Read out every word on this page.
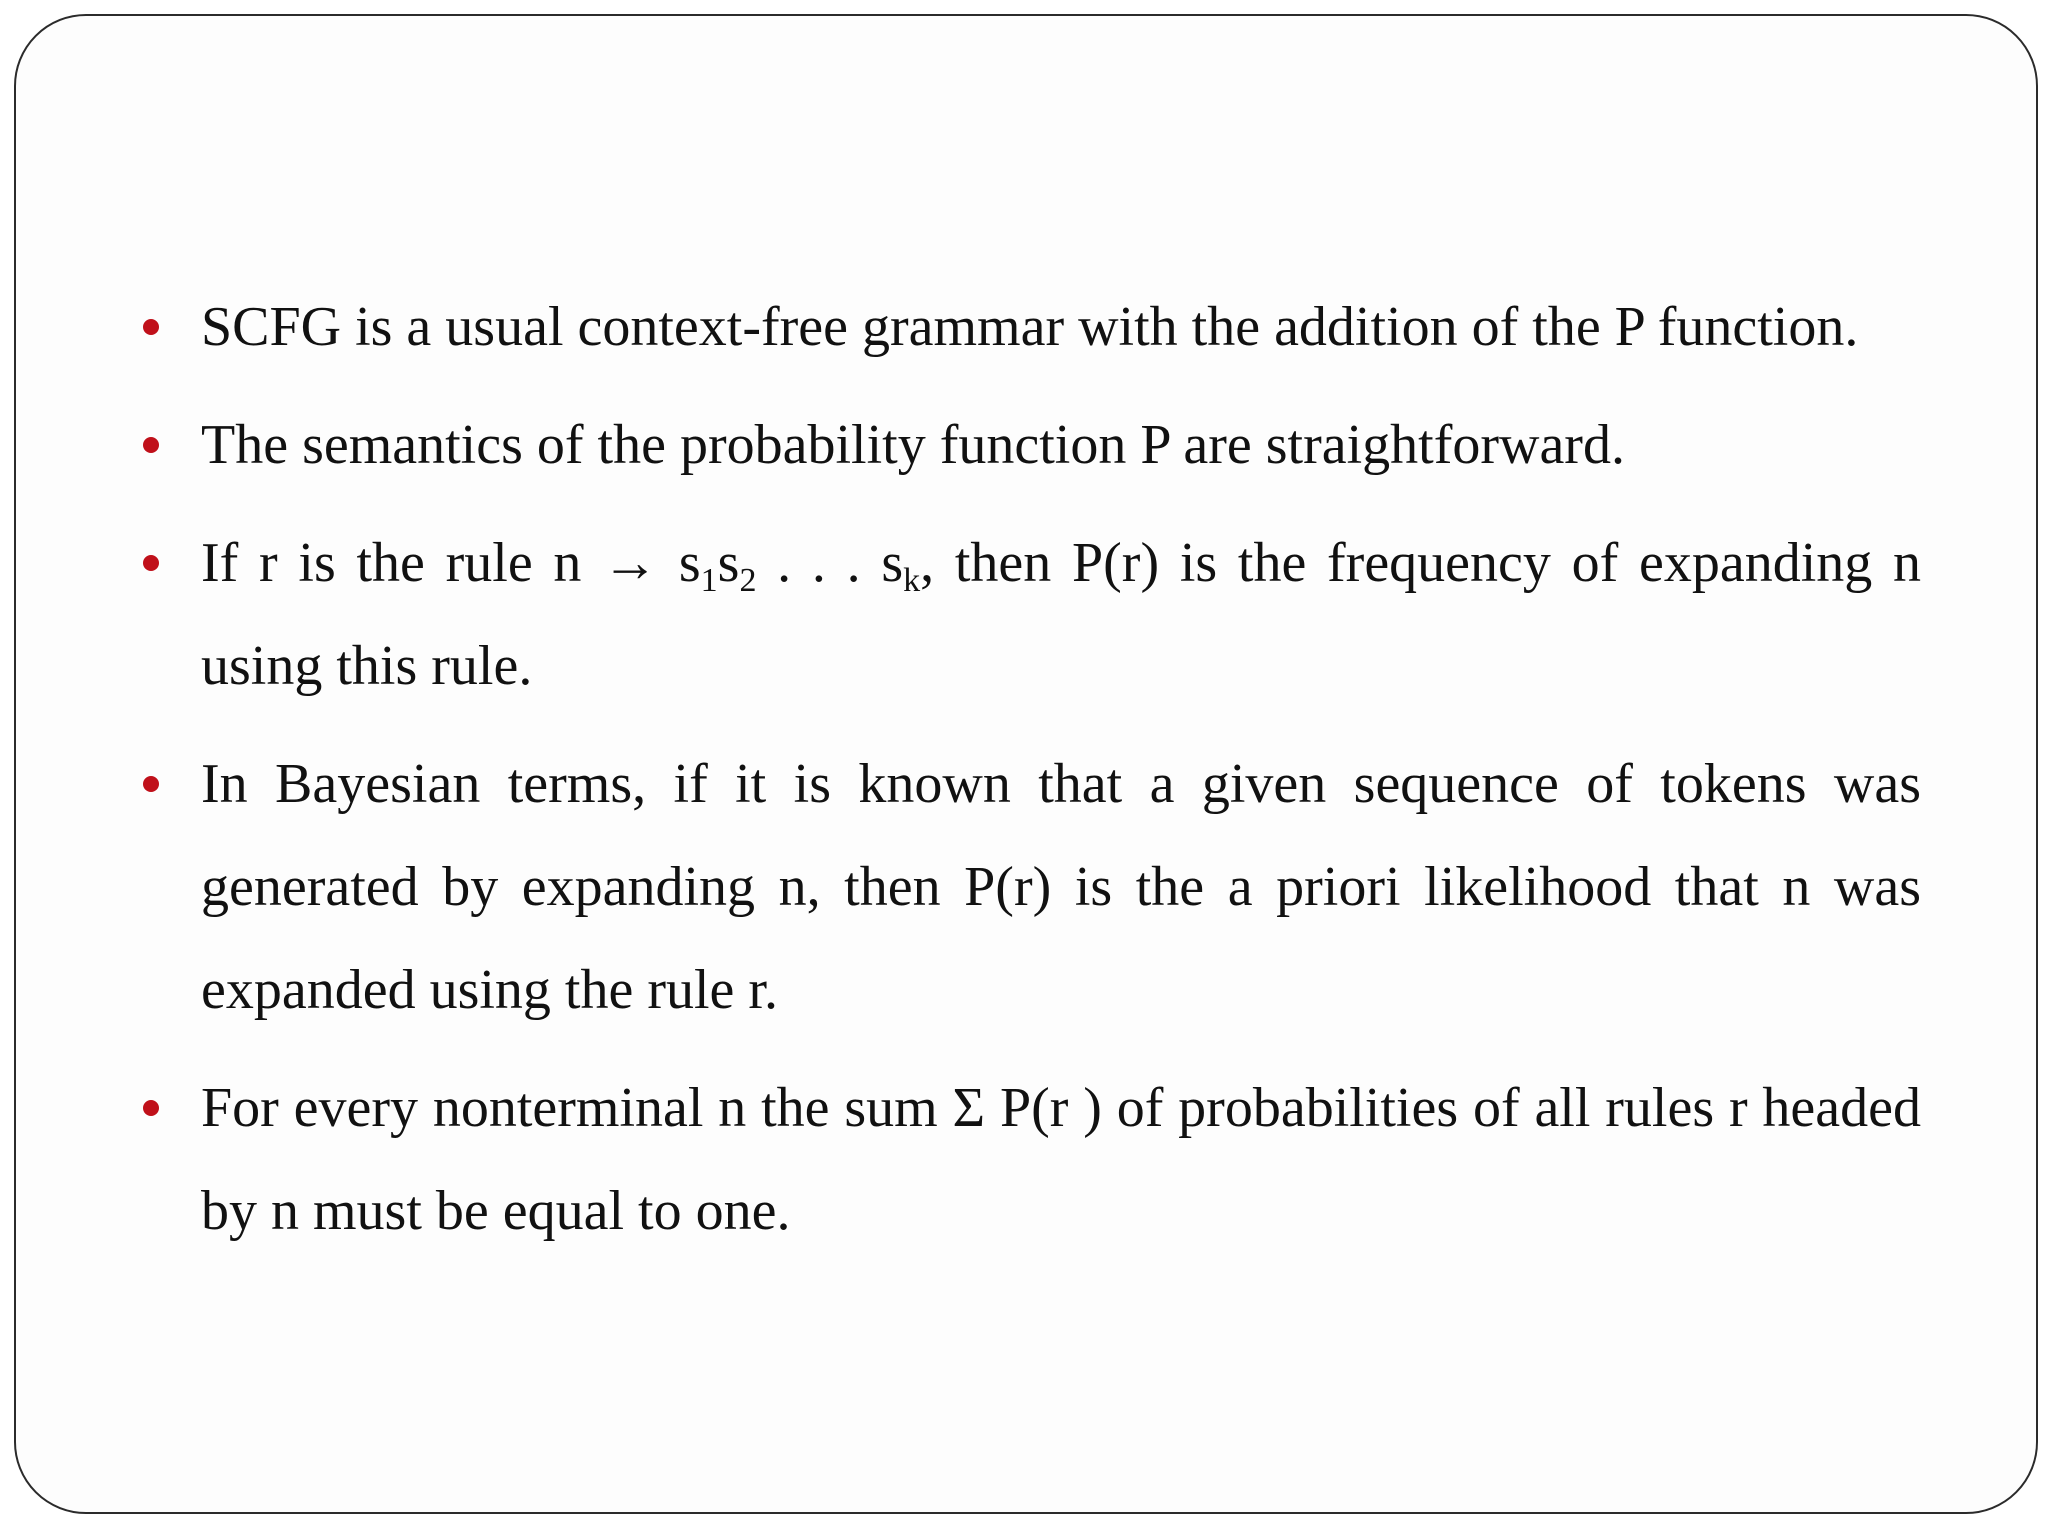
SCFG is a usual context-free grammar with the addition of the P function.
The semantics of the probability function P are straightforward.
If r is the rule $n \to s_1s_2$ . . . $s_k$, then P(r) is the frequency of expanding n using this rule.
In Bayesian terms, if it is known that a given sequence of tokens was generated by expanding n, then P(r) is the a priori likelihood that n was expanded using the rule r.
For every nonterminal n the sum Σ P(r ) of probabilities of all rules r headed by n must be equal to one.
